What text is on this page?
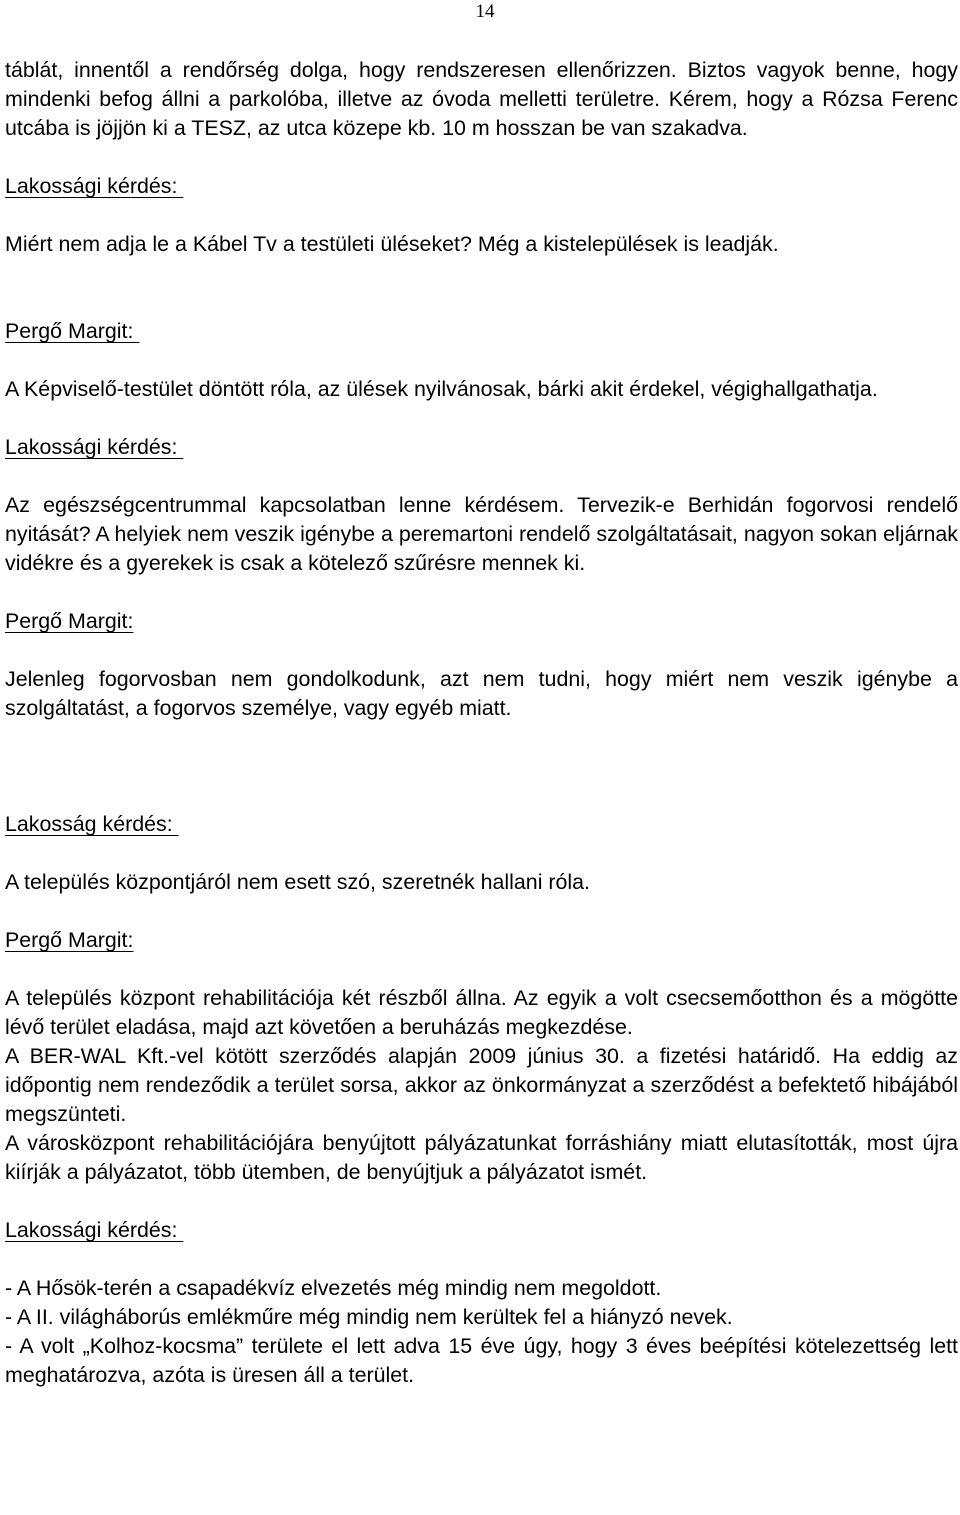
14

táblát, innentől a rendőrség dolga, hogy rendszeresen ellenőrizzen. Biztos vagyok benne, hogy mindenki befog állni a parkolóba, illetve az óvoda melletti területre. Kérem, hogy a Rózsa Ferenc utcába is jöjjön ki a TESZ, az utca közepe kb. 10 m hosszan be van szakadva.

Lakossági kérdés:

Miért nem adja le a Kábel Tv a testületi üléseket? Még a kistelepülések is leadják.

Pergő Margit:

A Képviselő-testület döntött róla, az ülések nyilvánosak, bárki akit érdekel, végighallgathatja.

Lakossági kérdés:

Az egészségcentrummal kapcsolatban lenne kérdésem. Tervezik-e Berhidán fogorvosi rendelő nyitását? A helyiek nem veszik igénybe a peremartoni rendelő szolgáltatásait, nagyon sokan eljárnak vidékre és a gyerekek is csak a kötelező szűrésre mennek ki.

Pergő Margit:

Jelenleg fogorvosban nem gondolkodunk, azt nem tudni, hogy miért nem veszik igénybe a szolgáltatást, a fogorvos személye, vagy egyéb miatt.

Lakosság kérdés:

A település központjáról nem esett szó, szeretnék hallani róla.

Pergő Margit:

A település központ rehabilitációja két részből állna. Az egyik a volt csecsemőotthon és a mögötte lévő terület eladása, majd azt követően a beruházás megkezdése.

A BER-WAL Kft.-vel kötött szerződés alapján 2009 június 30. a fizetési határidő. Ha eddig az időpontig nem rendeződik a terület sorsa, akkor az önkormányzat a szerződést a befektető hibájából megszünteti.

A városközpont rehabilitációjára benyújtott pályázatunkat forráshiány miatt elutasították, most újra kiírják a pályázatot, több ütemben, de benyújtjuk a pályázatot ismét.

Lakossági kérdés:

- A Hősök-terén a csapadékvíz elvezetés még mindig nem megoldott.

- A II. világháborús emlékműre még mindig nem kerültek fel a hiányzó nevek.

- A volt „Kolhoz-kocsma” területe el lett adva 15 éve úgy, hogy 3 éves beépítési kötelezettség lett meghatározva, azóta is üresen áll a terület.
